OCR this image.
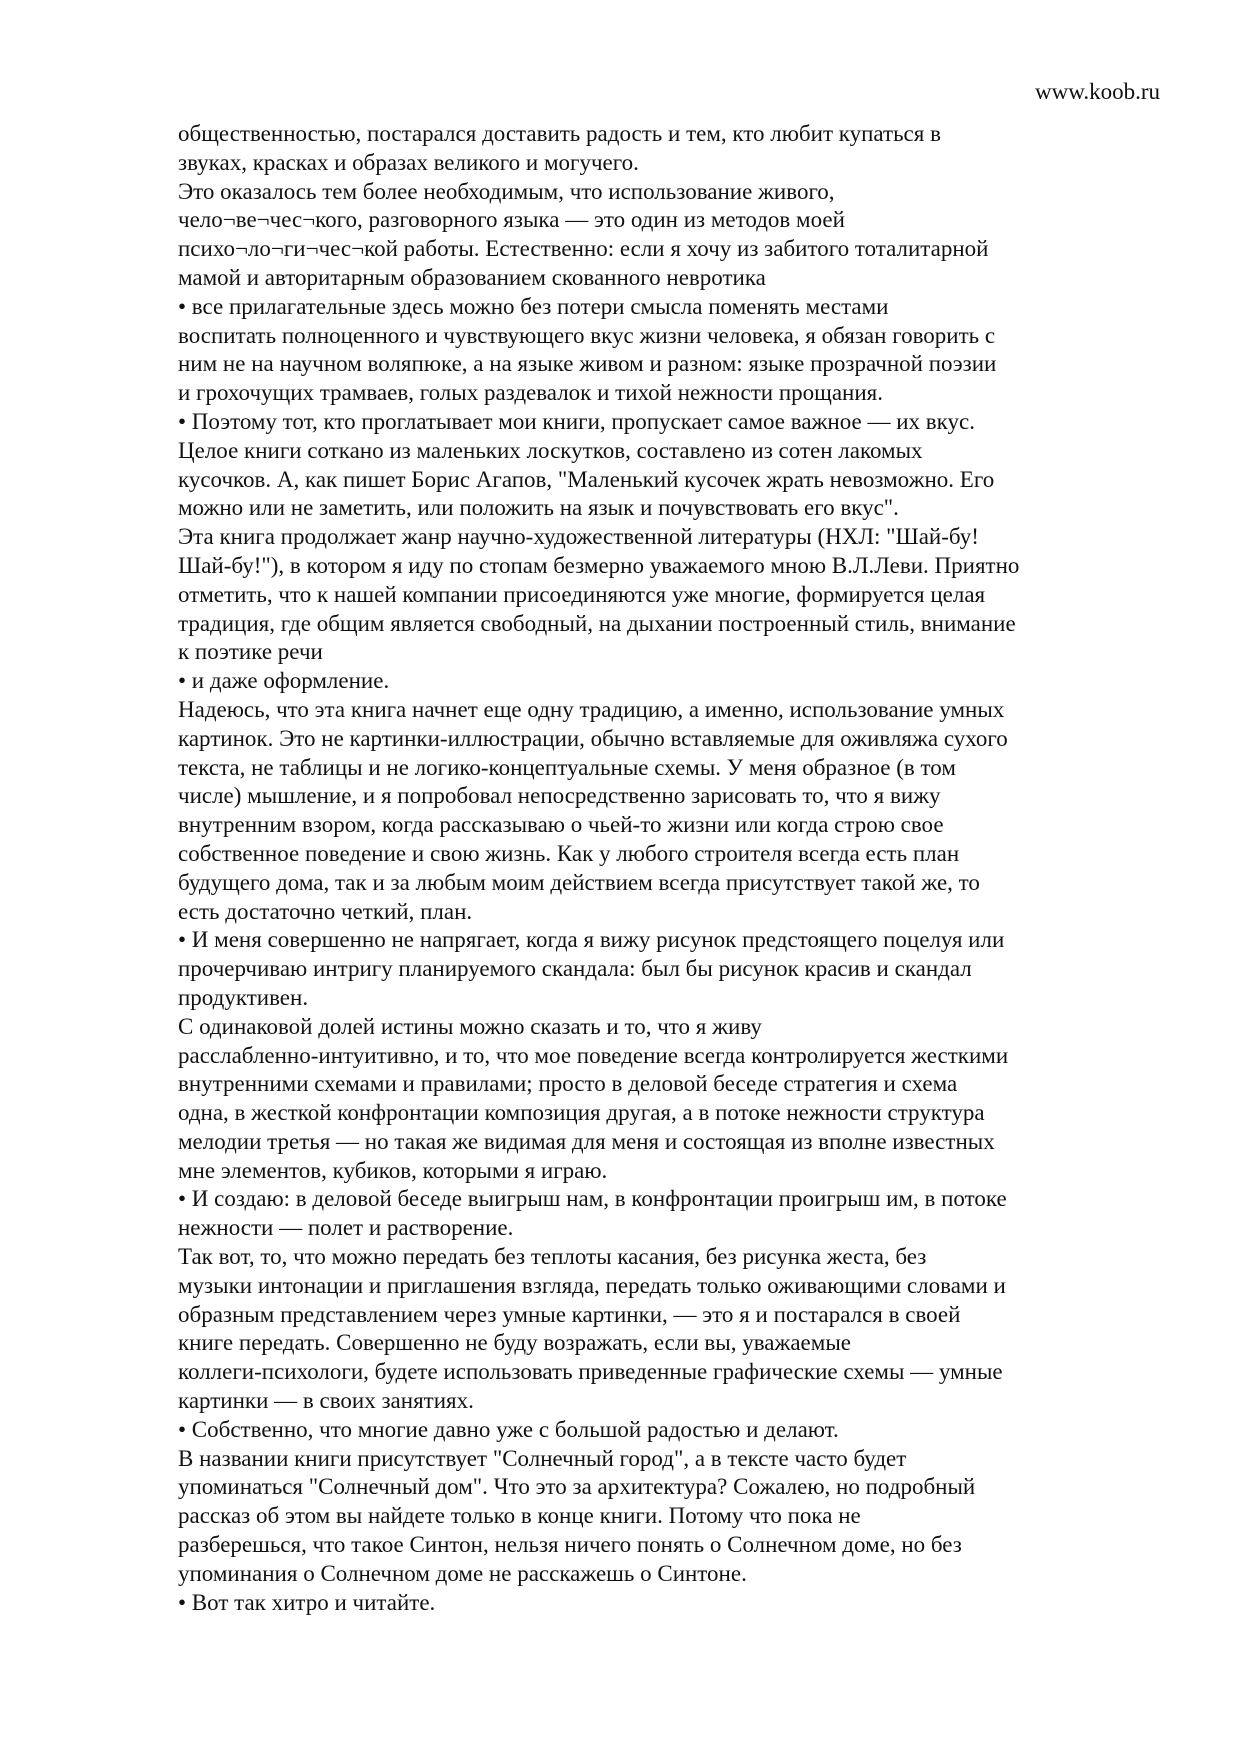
www.koob.ru
общественностью, постарался доставить радость и тем, кто любит купаться в
звуках, красках и образах великого и могучего.
Это оказалось тем более необходимым, что использование живого,
чело¬ве¬чес¬кого, разговорного языка — это один из методов моей
психо¬ло¬ги¬чес¬кой работы. Естественно: если я хочу из забитого тоталитарной
мамой и авторитарным образованием скованного невротика
• все прилагательные здесь можно без потери смысла поменять местами
воспитать полноценного и чувствующего вкус жизни человека, я обязан говорить с
ним не на научном воляпюке, а на языке живом и разном: языке прозрачной поэзии
и грохочущих трамваев, голых раздевалок и тихой нежности прощания.
• Поэтому тот, кто проглатывает мои книги, пропускает самое важное — их вкус.
Целое книги соткано из маленьких лоскутков, составлено из сотен лакомых
кусочков. А, как пишет Борис Агапов, "Маленький кусочек жрать невозможно. Его
можно или не заметить, или положить на язык и почувствовать его вкус".
Эта книга продолжает жанр научно-художественной литературы (НХЛ: "Шай-бу!
Шай-бу!"), в котором я иду по стопам безмерно уважаемого мною В.Л.Леви. Приятно
отметить, что к нашей компании присоединяются уже многие, формируется целая
традиция, где общим является свободный, на дыхании построенный стиль, внимание
к поэтике речи
• и даже оформление.
Надеюсь, что эта книга начнет еще одну традицию, а именно, использование умных
картинок. Это не картинки-иллюстрации, обычно вставляемые для оживляжа сухого
текста, не таблицы и не логико-концептуальные схемы. У меня образное (в том
числе) мышление, и я попробовал непосредственно зарисовать то, что я вижу
внутренним взором, когда рассказываю о чьей-то жизни или когда строю свое
собственное поведение и свою жизнь. Как у любого строителя всегда есть план
будущего дома, так и за любым моим действием всегда присутствует такой же, то
есть достаточно четкий, план.
• И меня совершенно не напрягает, когда я вижу рисунок предстоящего поцелуя или
прочерчиваю интригу планируемого скандала: был бы рисунок красив и скандал
продуктивен.
С одинаковой долей истины можно сказать и то, что я живу
расслабленно-интуитивно, и то, что мое поведение всегда контролируется жесткими
внутренними схемами и правилами; просто в деловой беседе стратегия и схема
одна, в жесткой конфронтации композиция другая, а в потоке нежности структура
мелодии третья — но такая же видимая для меня и состоящая из вполне известных
мне элементов, кубиков, которыми я играю.
• И создаю: в деловой беседе выигрыш нам, в конфронтации проигрыш им, в потоке
нежности — полет и растворение.
Так вот, то, что можно передать без теплоты касания, без рисунка жеста, без
музыки интонации и приглашения взгляда, передать только оживающими словами и
образным представлением через умные картинки, — это я и постарался в своей
книге передать. Совершенно не буду возражать, если вы, уважаемые
коллеги-психологи, будете использовать приведенные графические схемы — умные
картинки — в своих занятиях.
• Собственно, что многие давно уже с большой радостью и делают.
В названии книги присутствует "Солнечный город", а в тексте часто будет
упоминаться "Солнечный дом". Что это за архитектура? Сожалею, но подробный
рассказ об этом вы найдете только в конце книги. Потому что пока не
разберешься, что такое Синтон, нельзя ничего понять о Солнечном доме, но без
упоминания о Солнечном доме не расскажешь о Синтоне.
• Вот так хитро и читайте.
